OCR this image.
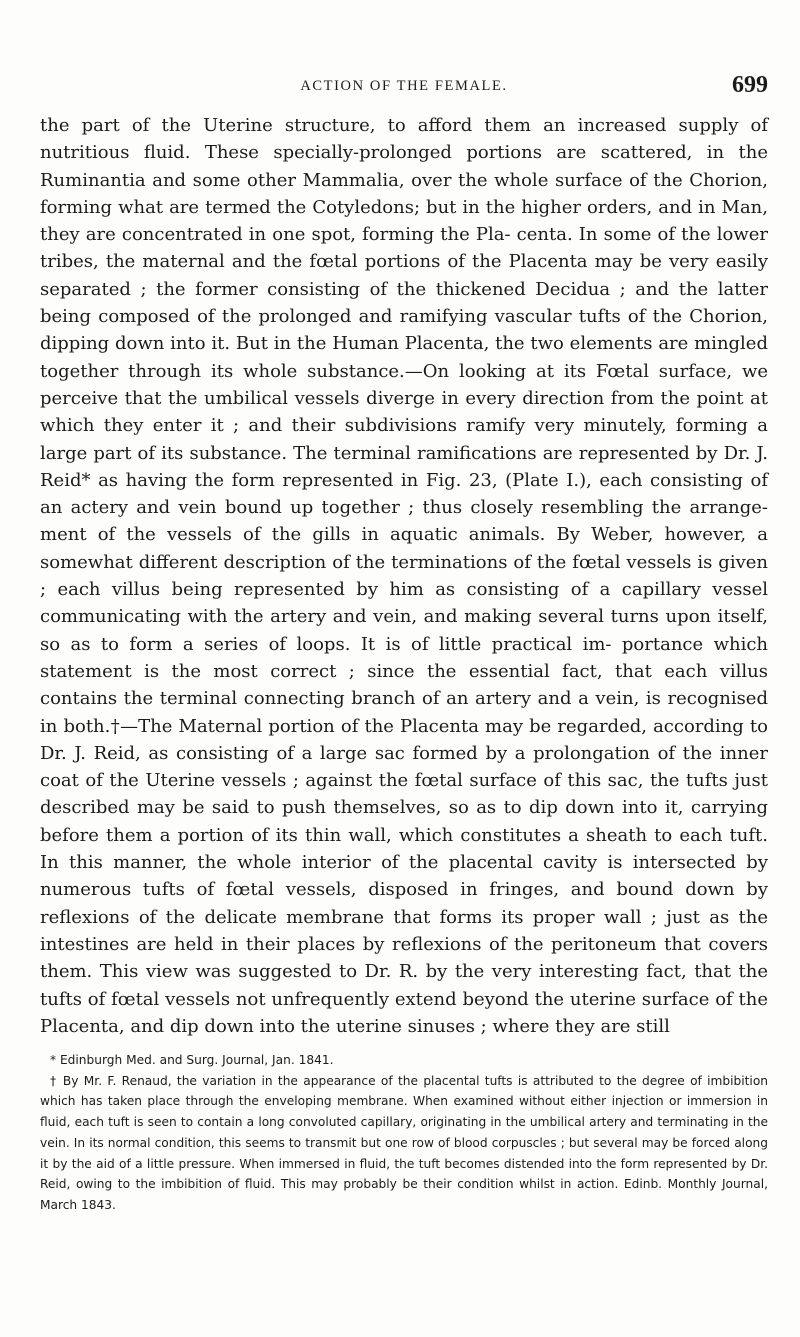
ACTION OF THE FEMALE.	699

the part of the Uterine structure, to afford them an increased supply of nutritious fluid. These specially-prolonged portions are scattered, in the Ruminantia and some other Mammalia, over the whole surface of the Chorion, forming what are termed the Cotyledons; but in the higher orders, and in Man, they are concentrated in one spot, forming the Pla- centa. In some of the lower tribes, the maternal and the fœtal portions of the Placenta may be very easily separated ; the former consisting of the thickened Decidua ; and the latter being composed of the prolonged and ramifying vascular tufts of the Chorion, dipping down into it. But in the Human Placenta, the two elements are mingled together through its whole substance.—On looking at its Fœtal surface, we perceive that the umbilical vessels diverge in every direction from the point at which they enter it ; and their subdivisions ramify very minutely, forming a large part of its substance. The terminal ramifications are represented by Dr. J. Reid* as having the form represented in Fig. 23, (Plate I.), each consisting of an actery and vein bound up together ; thus closely resembling the arrange- ment of the vessels of the gills in aquatic animals. By Weber, however, a somewhat different description of the terminations of the fœtal vessels is given ; each villus being represented by him as consisting of a capillary vessel communicating with the artery and vein, and making several turns upon itself, so as to form a series of loops. It is of little practical im- portance which statement is the most correct ; since the essential fact, that each villus contains the terminal connecting branch of an artery and a vein, is recognised in both.†—The Maternal portion of the Placenta may be regarded, according to Dr. J. Reid, as consisting of a large sac formed by a prolongation of the inner coat of the Uterine vessels ; against the fœtal surface of this sac, the tufts just described may be said to push themselves, so as to dip down into it, carrying before them a portion of its thin wall, which constitutes a sheath to each tuft. In this manner, the whole interior of the placental cavity is intersected by numerous tufts of fœtal vessels, disposed in fringes, and bound down by reflexions of the delicate membrane that forms its proper wall ; just as the intestines are held in their places by reflexions of the peritoneum that covers them. This view was suggested to Dr. R. by the very interesting fact, that the tufts of fœtal vessels not unfrequently extend beyond the uterine surface of the Placenta, and dip down into the uterine sinuses ; where they are still

* Edinburgh Med. and Surg. Journal, Jan. 1841.

† By Mr. F. Renaud, the variation in the appearance of the placental tufts is attributed to the degree of imbibition which has taken place through the enveloping membrane. When examined without either injection or immersion in fluid, each tuft is seen to contain a long convoluted capillary, originating in the umbilical artery and terminating in the vein. In its normal condition, this seems to transmit but one row of blood corpuscles ; but several may be forced along it by the aid of a little pressure. When immersed in fluid, the tuft becomes distended into the form represented by Dr. Reid, owing to the imbibition of fluid. This may probably be their condition whilst in action. Edinb. Monthly Journal, March 1843.
